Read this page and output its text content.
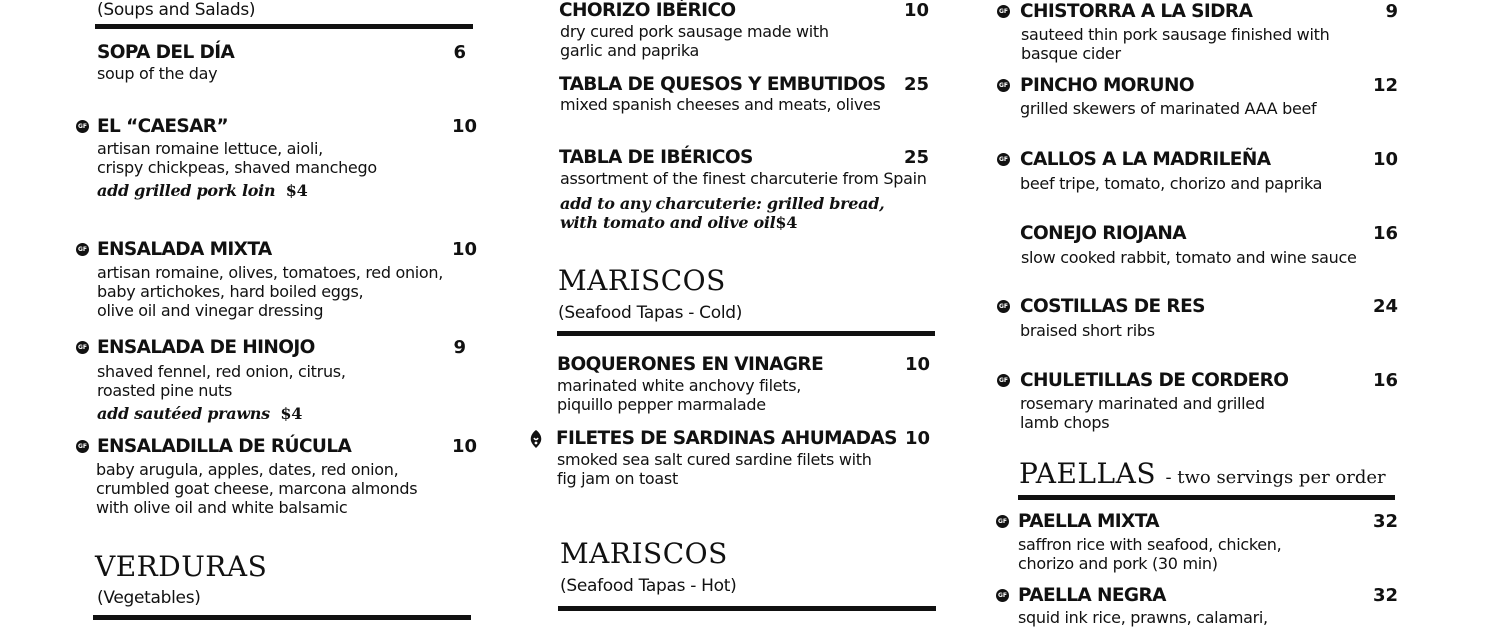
(Soups and Salads)
SOPA DEL DÍA	6
soup of the day
GF EL “CAESAR”	10
artisan romaine lettuce, aioli,
crispy chickpeas, shaved manchego
add grilled pork loin $4
GF ENSALADA MIXTA	10
artisan romaine, olives, tomatoes, red onion,
baby artichokes, hard boiled eggs,
olive oil and vinegar dressing
GF ENSALADA DE HINOJO	9
shaved fennel, red onion, citrus,
roasted pine nuts
add sautéed prawns $4
GF ENSALADILLA DE RÚCULA	10
baby arugula, apples, dates, red onion,
crumbled goat cheese, marcona almonds
with olive oil and white balsamic
VERDURAS
(Vegetables)
CHORIZO IBÉRICO	10
dry cured pork sausage made with
garlic and paprika
TABLA DE QUESOS Y EMBUTIDOS	25
mixed spanish cheeses and meats, olives
TABLA DE IBÉRICOS	25
assortment of the finest charcuterie from Spain
add to any charcuterie: grilled bread,
with tomato and olive oil$4
MARISCOS
(Seafood Tapas - Cold)
BOQUERONES EN VINAGRE	10
marinated white anchovy filets,
piquillo pepper marmalade
FILETES DE SARDINAS AHUMADAS 10
smoked sea salt cured sardine filets with
fig jam on toast
MARISCOS
(Seafood Tapas - Hot)
GF CHISTORRA A LA SIDRA	9
sauteed thin pork sausage finished with
basque cider
GF PINCHO MORUNO	12
grilled skewers of marinated AAA beef
GF CALLOS A LA MADRILEÑA	10
beef tripe, tomato, chorizo and paprika
CONEJO RIOJANA	16
slow cooked rabbit, tomato and wine sauce
GF COSTILLAS DE RES	24
braised short ribs
GF CHULETILLAS DE CORDERO	16
rosemary marinated and grilled
lamb chops
PAELLAS - two servings per order
GF PAELLA MIXTA	32
saffron rice with seafood, chicken,
chorizo and pork (30 min)
GF PAELLA NEGRA	32
squid ink rice, prawns, calamari,
